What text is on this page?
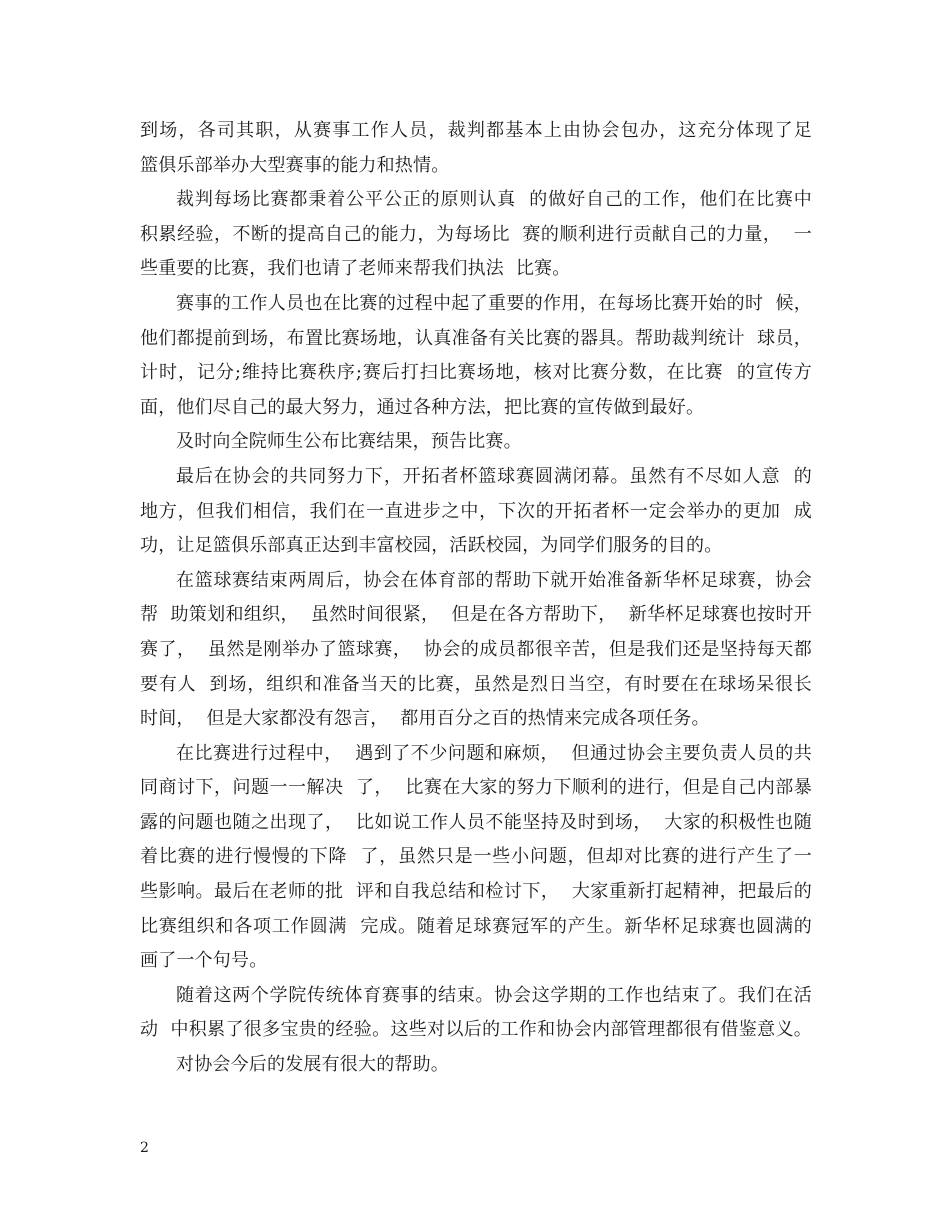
到场，各司其职，从赛事工作人员，裁判都基本上由协会包办，这充分体现了足
篮俱乐部举办大型赛事的能力和热情。
裁判每场比赛都秉着公平公正的原则认真  的做好自己的工作，他们在比赛中
积累经验，不断的提高自己的能力，为每场比  赛的顺利进行贡献自己的力量，  一
些重要的比赛，我们也请了老师来帮我们执法  比赛。
赛事的工作人员也在比赛的过程中起了重要的作用，在每场比赛开始的时  候，
他们都提前到场，布置比赛场地，认真准备有关比赛的器具。帮助裁判统计  球员，
计时，记分;维持比赛秩序;赛后打扫比赛场地，核对比赛分数，在比赛  的宣传方
面，他们尽自己的最大努力，通过各种方法，把比赛的宣传做到最好。
及时向全院师生公布比赛结果，预告比赛。
最后在协会的共同努力下，开拓者杯篮球赛圆满闭幕。虽然有不尽如人意  的
地方，但我们相信，我们在一直进步之中，下次的开拓者杯一定会举办的更加  成
功，让足篮俱乐部真正达到丰富校园，活跃校园，为同学们服务的目的。
在篮球赛结束两周后，协会在体育部的帮助下就开始准备新华杯足球赛，协会
帮  助策划和组织，  虽然时间很紧，  但是在各方帮助下，  新华杯足球赛也按时开
赛了，  虽然是刚举办了篮球赛，  协会的成员都很辛苦，但是我们还是坚持每天都
要有人  到场，组织和准备当天的比赛，虽然是烈日当空，有时要在在球场呆很长
时间，  但是大家都没有怨言，  都用百分之百的热情来完成各项任务。
在比赛进行过程中，  遇到了不少问题和麻烦，  但通过协会主要负责人员的共
同商讨下，问题一一解决  了，  比赛在大家的努力下顺利的进行，但是自己内部暴
露的问题也随之出现了，  比如说工作人员不能坚持及时到场，  大家的积极性也随
着比赛的进行慢慢的下降  了，虽然只是一些小问题，但却对比赛的进行产生了一
些影响。最后在老师的批  评和自我总结和检讨下，  大家重新打起精神，把最后的
比赛组织和各项工作圆满  完成。随着足球赛冠军的产生。新华杯足球赛也圆满的
画了一个句号。
随着这两个学院传统体育赛事的结束。协会这学期的工作也结束了。我们在活
动  中积累了很多宝贵的经验。这些对以后的工作和协会内部管理都很有借鉴意义。
对协会今后的发展有很大的帮助。
2
